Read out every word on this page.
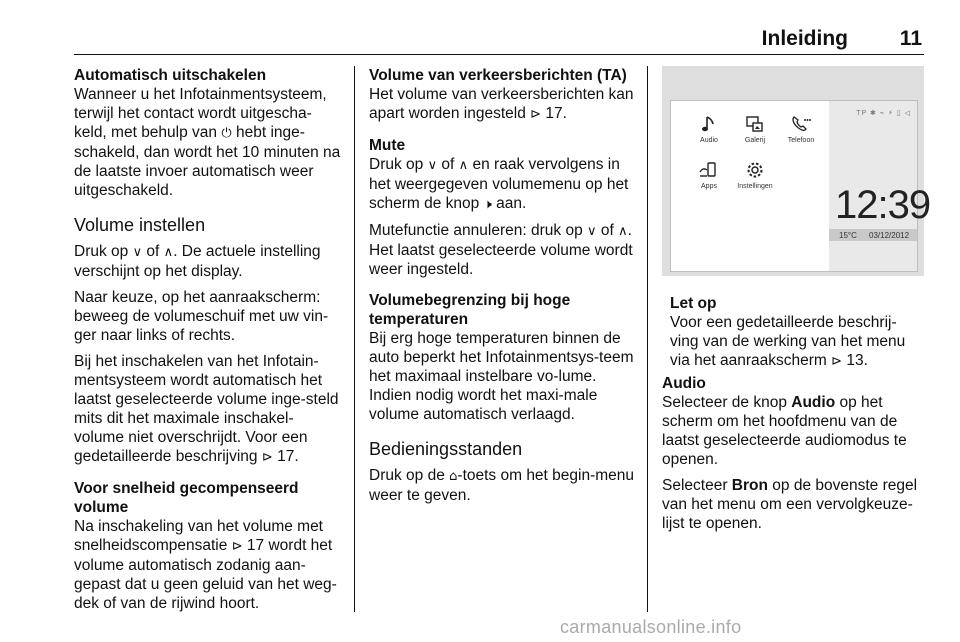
Inleiding 11

Automatisch uitschakelen

Wanneer u het Infotainmentsysteem, terwijl het contact wordt uitgescha-keld, met behulp van ⏻ hebt inge-schakeld, dan wordt het 10 minuten na de laatste invoer automatisch weer uitgeschakeld.

Volume instellen

Druk op ∨ of ∧. De actuele instelling verschijnt op het display.

Naar keuze, op het aanraakscherm: beweeg de volumeschuif met uw vin-ger naar links of rechts.

Bij het inschakelen van het Infotain-mentsysteem wordt automatisch het laatst geselecteerde volume inge-steld mits dit het maximale inschakel-volume niet overschrijdt. Voor een gedetailleerde beschrijving ⊳ 17.

Voor snelheid gecompenseerd volume

Na inschakeling van het volume met snelheidscompensatie ⊳ 17 wordt het volume automatisch zodanig aan-gepast dat u geen geluid van het weg-dek of van de rijwind hoort.

Volume van verkeersberichten (TA)

Het volume van verkeersberichten kan apart worden ingesteld ⊳ 17.

Mute

Druk op ∨ of ∧ en raak vervolgens in het weergegeven volumemenu op het scherm de knop 🕨 aan.

Mutefunctie annuleren: druk op ∨ of ∧. Het laatst geselecteerde volume wordt weer ingesteld.

Volumebegrenzing bij hoge temperaturen

Bij erg hoge temperaturen binnen de auto beperkt het Infotainmentsys-teem het maximaal instelbare vo-lume. Indien nodig wordt het maxi-male volume automatisch verlaagd.

Bedieningsstanden

Druk op de ⌂-toets om het begin-menu weer te geven.

Audio	Galerij	Telefoon
Apps	Instellingen
TP ✱ ⌁ ⚡ ▯ ◁
12:39
15°C 03/12/2012

Let op

Voor een gedetailleerde beschrij-ving van de werking van het menu via het aanraakscherm ⊳ 13.

Audio

Selecteer de knop Audio op het scherm om het hoofdmenu van de laatst geselecteerde audiomodus te openen.

Selecteer Bron op de bovenste regel van het menu om een vervolgkeuze-lijst te openen.

carmanualsonline.info
